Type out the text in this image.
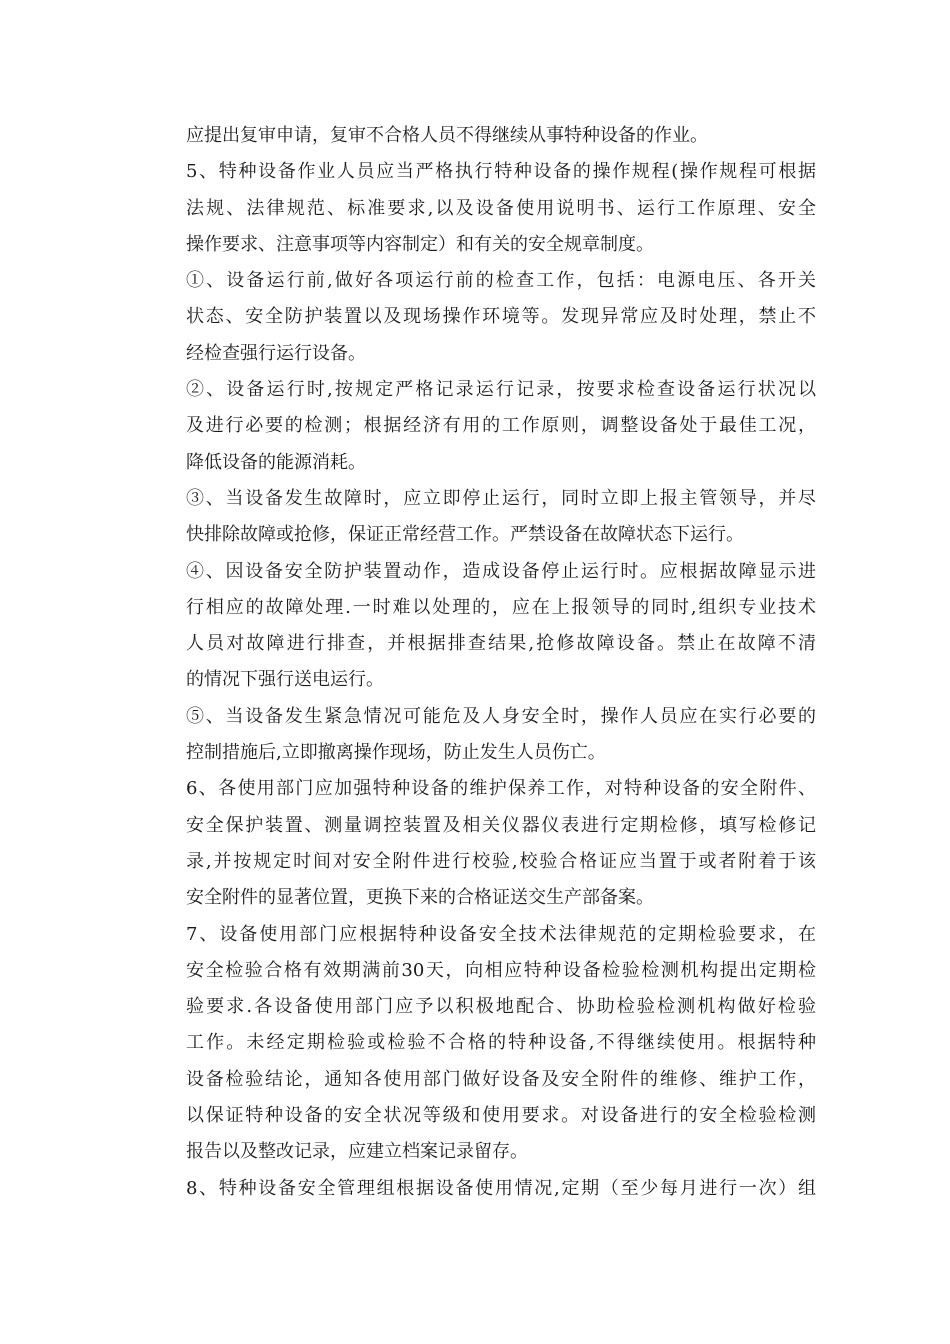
应提出复审申请，复审不合格人员不得继续从事特种设备的作业。
5、特种设备作业人员应当严格执行特种设备的操作规程(操作规程可根据
法规、法律规范、标准要求,以及设备使用说明书、运行工作原理、安全
操作要求、注意事项等内容制定）和有关的安全规章制度。
①、设备运行前,做好各项运行前的检查工作，包括：电源电压、各开关
状态、安全防护装置以及现场操作环境等。发现异常应及时处理，禁止不
经检查强行运行设备。
②、设备运行时,按规定严格记录运行记录，按要求检查设备运行状况以
及进行必要的检测；根据经济有用的工作原则，调整设备处于最佳工况，
降低设备的能源消耗。
③、当设备发生故障时，应立即停止运行，同时立即上报主管领导，并尽
快排除故障或抢修，保证正常经营工作。严禁设备在故障状态下运行。
④、因设备安全防护装置动作，造成设备停止运行时。应根据故障显示进
行相应的故障处理.一时难以处理的，应在上报领导的同时,组织专业技术
人员对故障进行排查，并根据排查结果,抢修故障设备。禁止在故障不清
的情况下强行送电运行。
⑤、当设备发生紧急情况可能危及人身安全时，操作人员应在实行必要的
控制措施后,立即撤离操作现场，防止发生人员伤亡。
6、各使用部门应加强特种设备的维护保养工作，对特种设备的安全附件、
安全保护装置、测量调控装置及相关仪器仪表进行定期检修，填写检修记
录,并按规定时间对安全附件进行校验,校验合格证应当置于或者附着于该
安全附件的显著位置，更换下来的合格证送交生产部备案。
7、设备使用部门应根据特种设备安全技术法律规范的定期检验要求，在
安全检验合格有效期满前30天，向相应特种设备检验检测机构提出定期检
验要求.各设备使用部门应予以积极地配合、协助检验检测机构做好检验
工作。未经定期检验或检验不合格的特种设备,不得继续使用。根据特种
设备检验结论，通知各使用部门做好设备及安全附件的维修、维护工作，
以保证特种设备的安全状况等级和使用要求。对设备进行的安全检验检测
报告以及整改记录，应建立档案记录留存。
8、特种设备安全管理组根据设备使用情况,定期（至少每月进行一次）组
